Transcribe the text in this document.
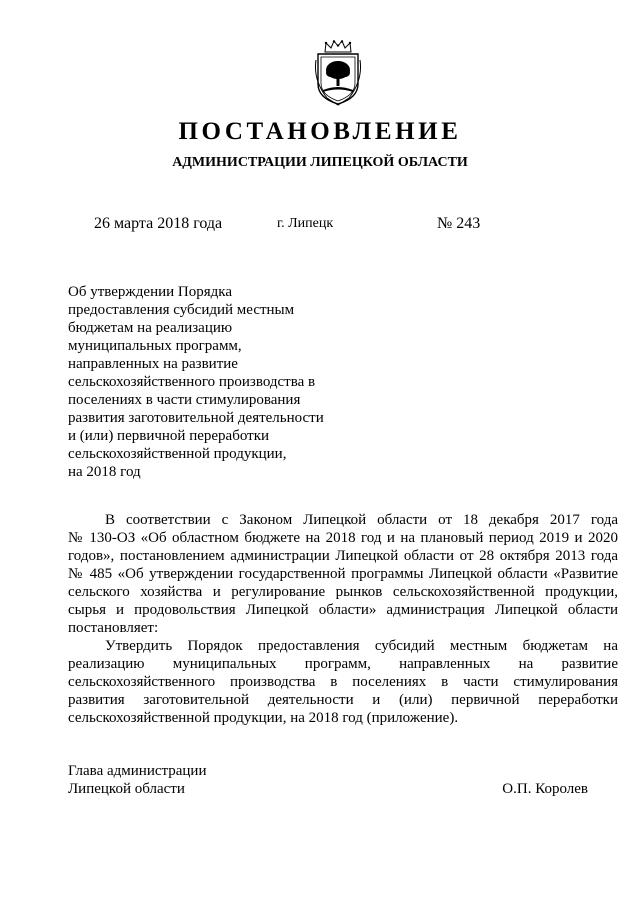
ПОСТАНОВЛЕНИЕ
АДМИНИСТРАЦИИ ЛИПЕЦКОЙ ОБЛАСТИ
26 марта 2018 года	г. Липецк	№ 243
Об утверждении Порядка
предоставления субсидий местным
бюджетам на реализацию
муниципальных программ,
направленных на развитие
сельскохозяйственного производства в
поселениях в части стимулирования
развития заготовительной деятельности
и (или) первичной переработки
сельскохозяйственной продукции,
на 2018 год
В соответствии с Законом Липецкой области от 18 декабря 2017 года
№ 130-ОЗ «Об областном бюджете на 2018 год и на плановый период 2019 и 2020
годов», постановлением администрации Липецкой области от 28 октября 2013 года
№ 485 «Об утверждении государственной программы Липецкой области «Развитие
сельского хозяйства и регулирование рынков сельскохозяйственной продукции,
сырья и продовольствия Липецкой области» администрация Липецкой области
постановляет:
Утвердить Порядок предоставления субсидий местным бюджетам на
реализацию муниципальных программ, направленных на развитие
сельскохозяйственного производства в поселениях в части стимулирования
развития заготовительной деятельности и (или) первичной переработки
сельскохозяйственной продукции, на 2018 год (приложение).
Глава администрации
Липецкой области	О.П. Королев
